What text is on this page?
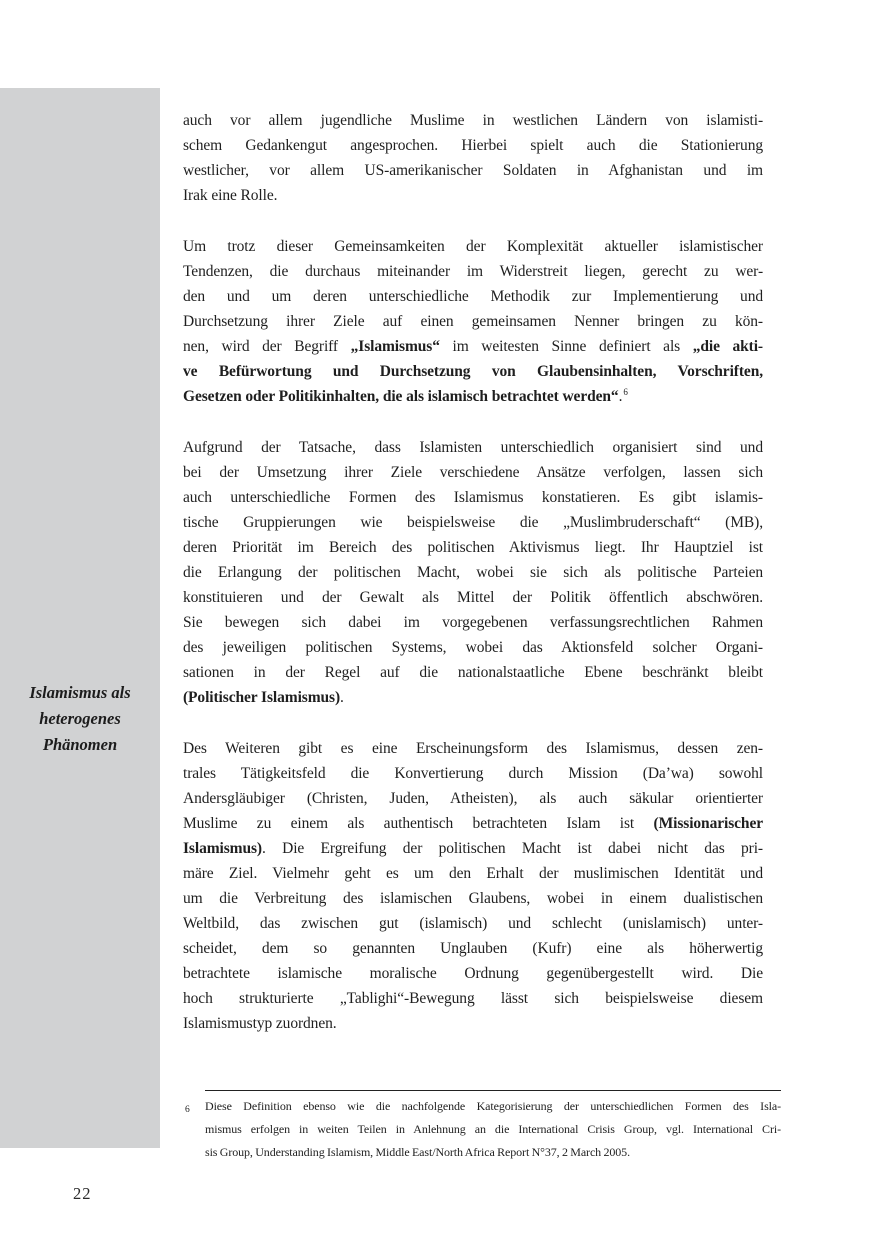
Islamismus als
heterogenes
Phänomen
auch vor allem jugendliche Muslime in westlichen Ländern von islamisti-
schem Gedankengut angesprochen. Hierbei spielt auch die Stationierung
westlicher, vor allem US-amerikanischer Soldaten in Afghanistan und im
Irak eine Rolle.
Um trotz dieser Gemeinsamkeiten der Komplexität aktueller islamistischer
Tendenzen, die durchaus miteinander im Widerstreit liegen, gerecht zu wer-
den und um deren unterschiedliche Methodik zur Implementierung und
Durchsetzung ihrer Ziele auf einen gemeinsamen Nenner bringen zu kön-
nen, wird der Begriff „Islamismus“ im weitesten Sinne definiert als „die akti-
ve Befürwortung und Durchsetzung von Glaubensinhalten, Vorschriften,
Gesetzen oder Politikinhalten, die als islamisch betrachtet werden“.$^6$
Aufgrund der Tatsache, dass Islamisten unterschiedlich organisiert sind und
bei der Umsetzung ihrer Ziele verschiedene Ansätze verfolgen, lassen sich
auch unterschiedliche Formen des Islamismus konstatieren. Es gibt islamis-
tische Gruppierungen wie beispielsweise die „Muslimbruderschaft“ (MB),
deren Priorität im Bereich des politischen Aktivismus liegt. Ihr Hauptziel ist
die Erlangung der politischen Macht, wobei sie sich als politische Parteien
konstituieren und der Gewalt als Mittel der Politik öffentlich abschwören.
Sie bewegen sich dabei im vorgegebenen verfassungsrechtlichen Rahmen
des jeweiligen politischen Systems, wobei das Aktionsfeld solcher Organi-
sationen in der Regel auf die nationalstaatliche Ebene beschränkt bleibt
(Politischer Islamismus).
Des Weiteren gibt es eine Erscheinungsform des Islamismus, dessen zen-
trales Tätigkeitsfeld die Konvertierung durch Mission (Da’wa) sowohl
Andersgläubiger (Christen, Juden, Atheisten), als auch säkular orientierter
Muslime zu einem als authentisch betrachteten Islam ist (Missionarischer
Islamismus). Die Ergreifung der politischen Macht ist dabei nicht das pri-
märe Ziel. Vielmehr geht es um den Erhalt der muslimischen Identität und
um die Verbreitung des islamischen Glaubens, wobei in einem dualistischen
Weltbild, das zwischen gut (islamisch) und schlecht (unislamisch) unter-
scheidet, dem so genannten Unglauben (Kufr) eine als höherwertig
betrachtete islamische moralische Ordnung gegenübergestellt wird. Die
hoch strukturierte „Tablighi“-Bewegung lässt sich beispielsweise diesem
Islamismustyp zuordnen.
6 Diese Definition ebenso wie die nachfolgende Kategorisierung der unterschiedlichen Formen des Isla-
mismus erfolgen in weiten Teilen in Anlehnung an die International Crisis Group, vgl. International Cri-
sis Group, Understanding Islamism, Middle East/North Africa Report N°37, 2 March 2005.
22
